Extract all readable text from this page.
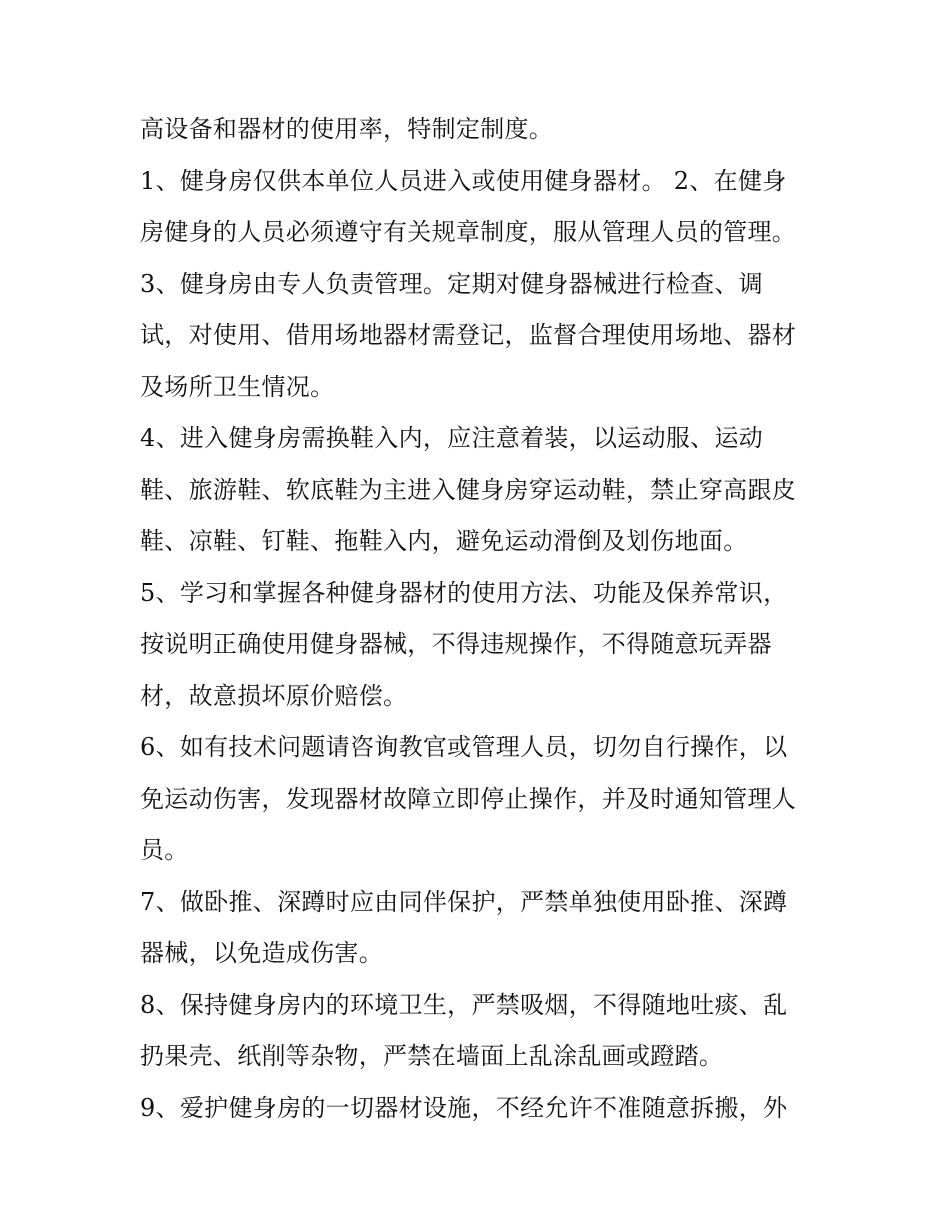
高设备和器材的使用率，特制定制度。
1、健身房仅供本单位人员进入或使用健身器材。 2、在健身
房健身的人员必须遵守有关规章制度，服从管理人员的管理。
3、健身房由专人负责管理。定期对健身器械进行检查、调
试，对使用、借用场地器材需登记，监督合理使用场地、器材
及场所卫生情况。
4、进入健身房需换鞋入内，应注意着装，以运动服、运动
鞋、旅游鞋、软底鞋为主进入健身房穿运动鞋，禁止穿高跟皮
鞋、凉鞋、钉鞋、拖鞋入内，避免运动滑倒及划伤地面。
5、学习和掌握各种健身器材的使用方法、功能及保养常识，
按说明正确使用健身器械，不得违规操作，不得随意玩弄器
材，故意损坏原价赔偿。
6、如有技术问题请咨询教官或管理人员，切勿自行操作，以
免运动伤害，发现器材故障立即停止操作，并及时通知管理人
员。
7、做卧推、深蹲时应由同伴保护，严禁单独使用卧推、深蹲
器械，以免造成伤害。
8、保持健身房内的环境卫生，严禁吸烟，不得随地吐痰、乱
扔果壳、纸削等杂物，严禁在墙面上乱涂乱画或蹬踏。
9、爱护健身房的一切器材设施，不经允许不准随意拆搬，外
